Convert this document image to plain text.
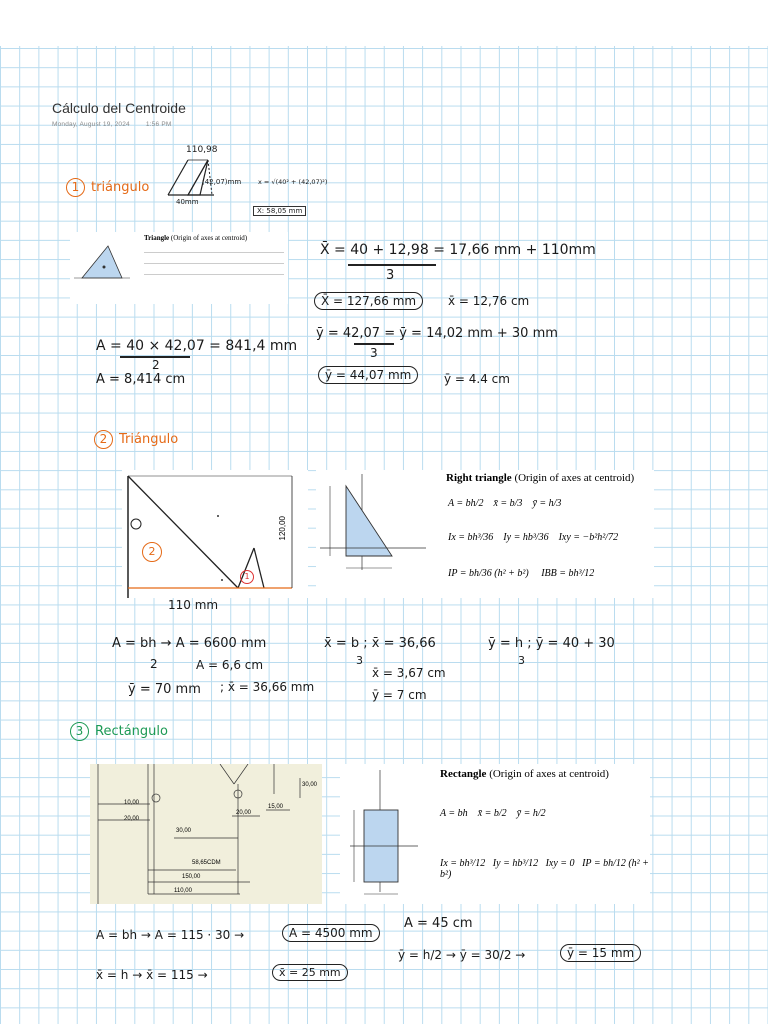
Cálculo del Centroide
Monday, August 19, 2024 1:56 PM
1 triángulo
110,98
(42,07)mm
40mm
x = √(40² + (42,07)²)
X: 58,05 mm
Triangle (Origin of axes at centroid)
X̄ = 40 + 12,98 = 17,66 mm + 110mm
3
X̄ = 127,66 mm	x̄ = 12,76 cm
ȳ = 42,07 = ȳ = 14,02 mm + 30 mm
3
ȳ = 44,07 mm	ȳ = 4.4 cm
A = 40 × 42,07 = 841,4 mm
2
A = 8,414 cm
2 Triángulo
2
1
120,00
110 mm
Right triangle (Origin of axes at centroid)
A = bh/2 x̄ = b/3 ȳ = h/3
Ix = bh³/36 Iy = hb³/36 Ixy = −b²h²/72
IP = bh/36 (h² + b²) IBB = bh³/12
A = bh → A = 6600 mm
2	A = 6,6 cm
x̄ = b ; x̄ = 36,66
3
x̄ = 3,67 cm
ȳ = h ; ȳ = 40 + 30
3
ȳ = 70 mm ; x̄ = 36,66 mm
ȳ = 7 cm
3 Rectángulo
10,00
20,00
30,00
20,00
15,00
30,00
58,65CDM
150,00
110,00
Rectangle (Origin of axes at centroid)
A = bh x̄ = b/2 ȳ = h/2
Ix = bh³/12 Iy = hb³/12 Ixy = 0 IP = bh/12 (h² + b²)
A = bh → A = 115 · 30 →	A = 4500 mm
A = 45 cm
ȳ = h/2 → ȳ = 30/2 →	ȳ = 15 mm
x̄ = h → x̄ = 115 →	x̄ = 25 mm
